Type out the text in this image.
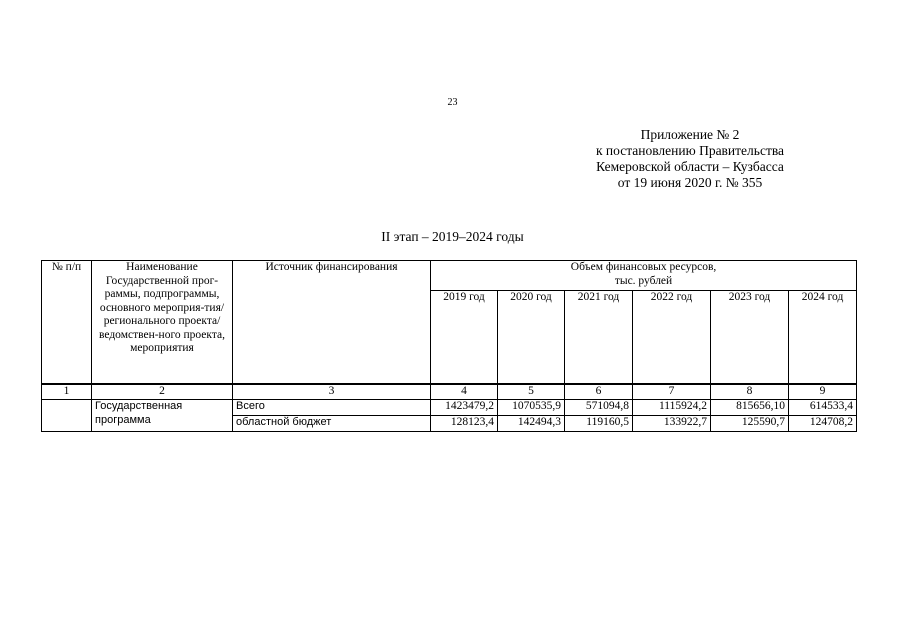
23
Приложение № 2
к постановлению Правительства
Кемеровской области – Кузбасса
от 19 июня 2020 г. № 355
II этап – 2019–2024 годы
№ п/п	Наименование Государственной прог-раммы, подпрограммы, основного мероприя-тия/ регионального проекта/ ведомствен-ного проекта, мероприятия	Источник финансирования	Объем финансовых ресурсов,
тыс. рублей					

			2019 год	2020 год	2021 год	2022 год	2023 год	2024 год
1	2	3	4	5	6	7	8	9
	Государственная программа	Всего	1423479,2	1070535,9	571094,8	1115924,2	815656,10	614533,4
		областной бюджет	128123,4	142494,3	119160,5	133922,7	125590,7	124708,2
